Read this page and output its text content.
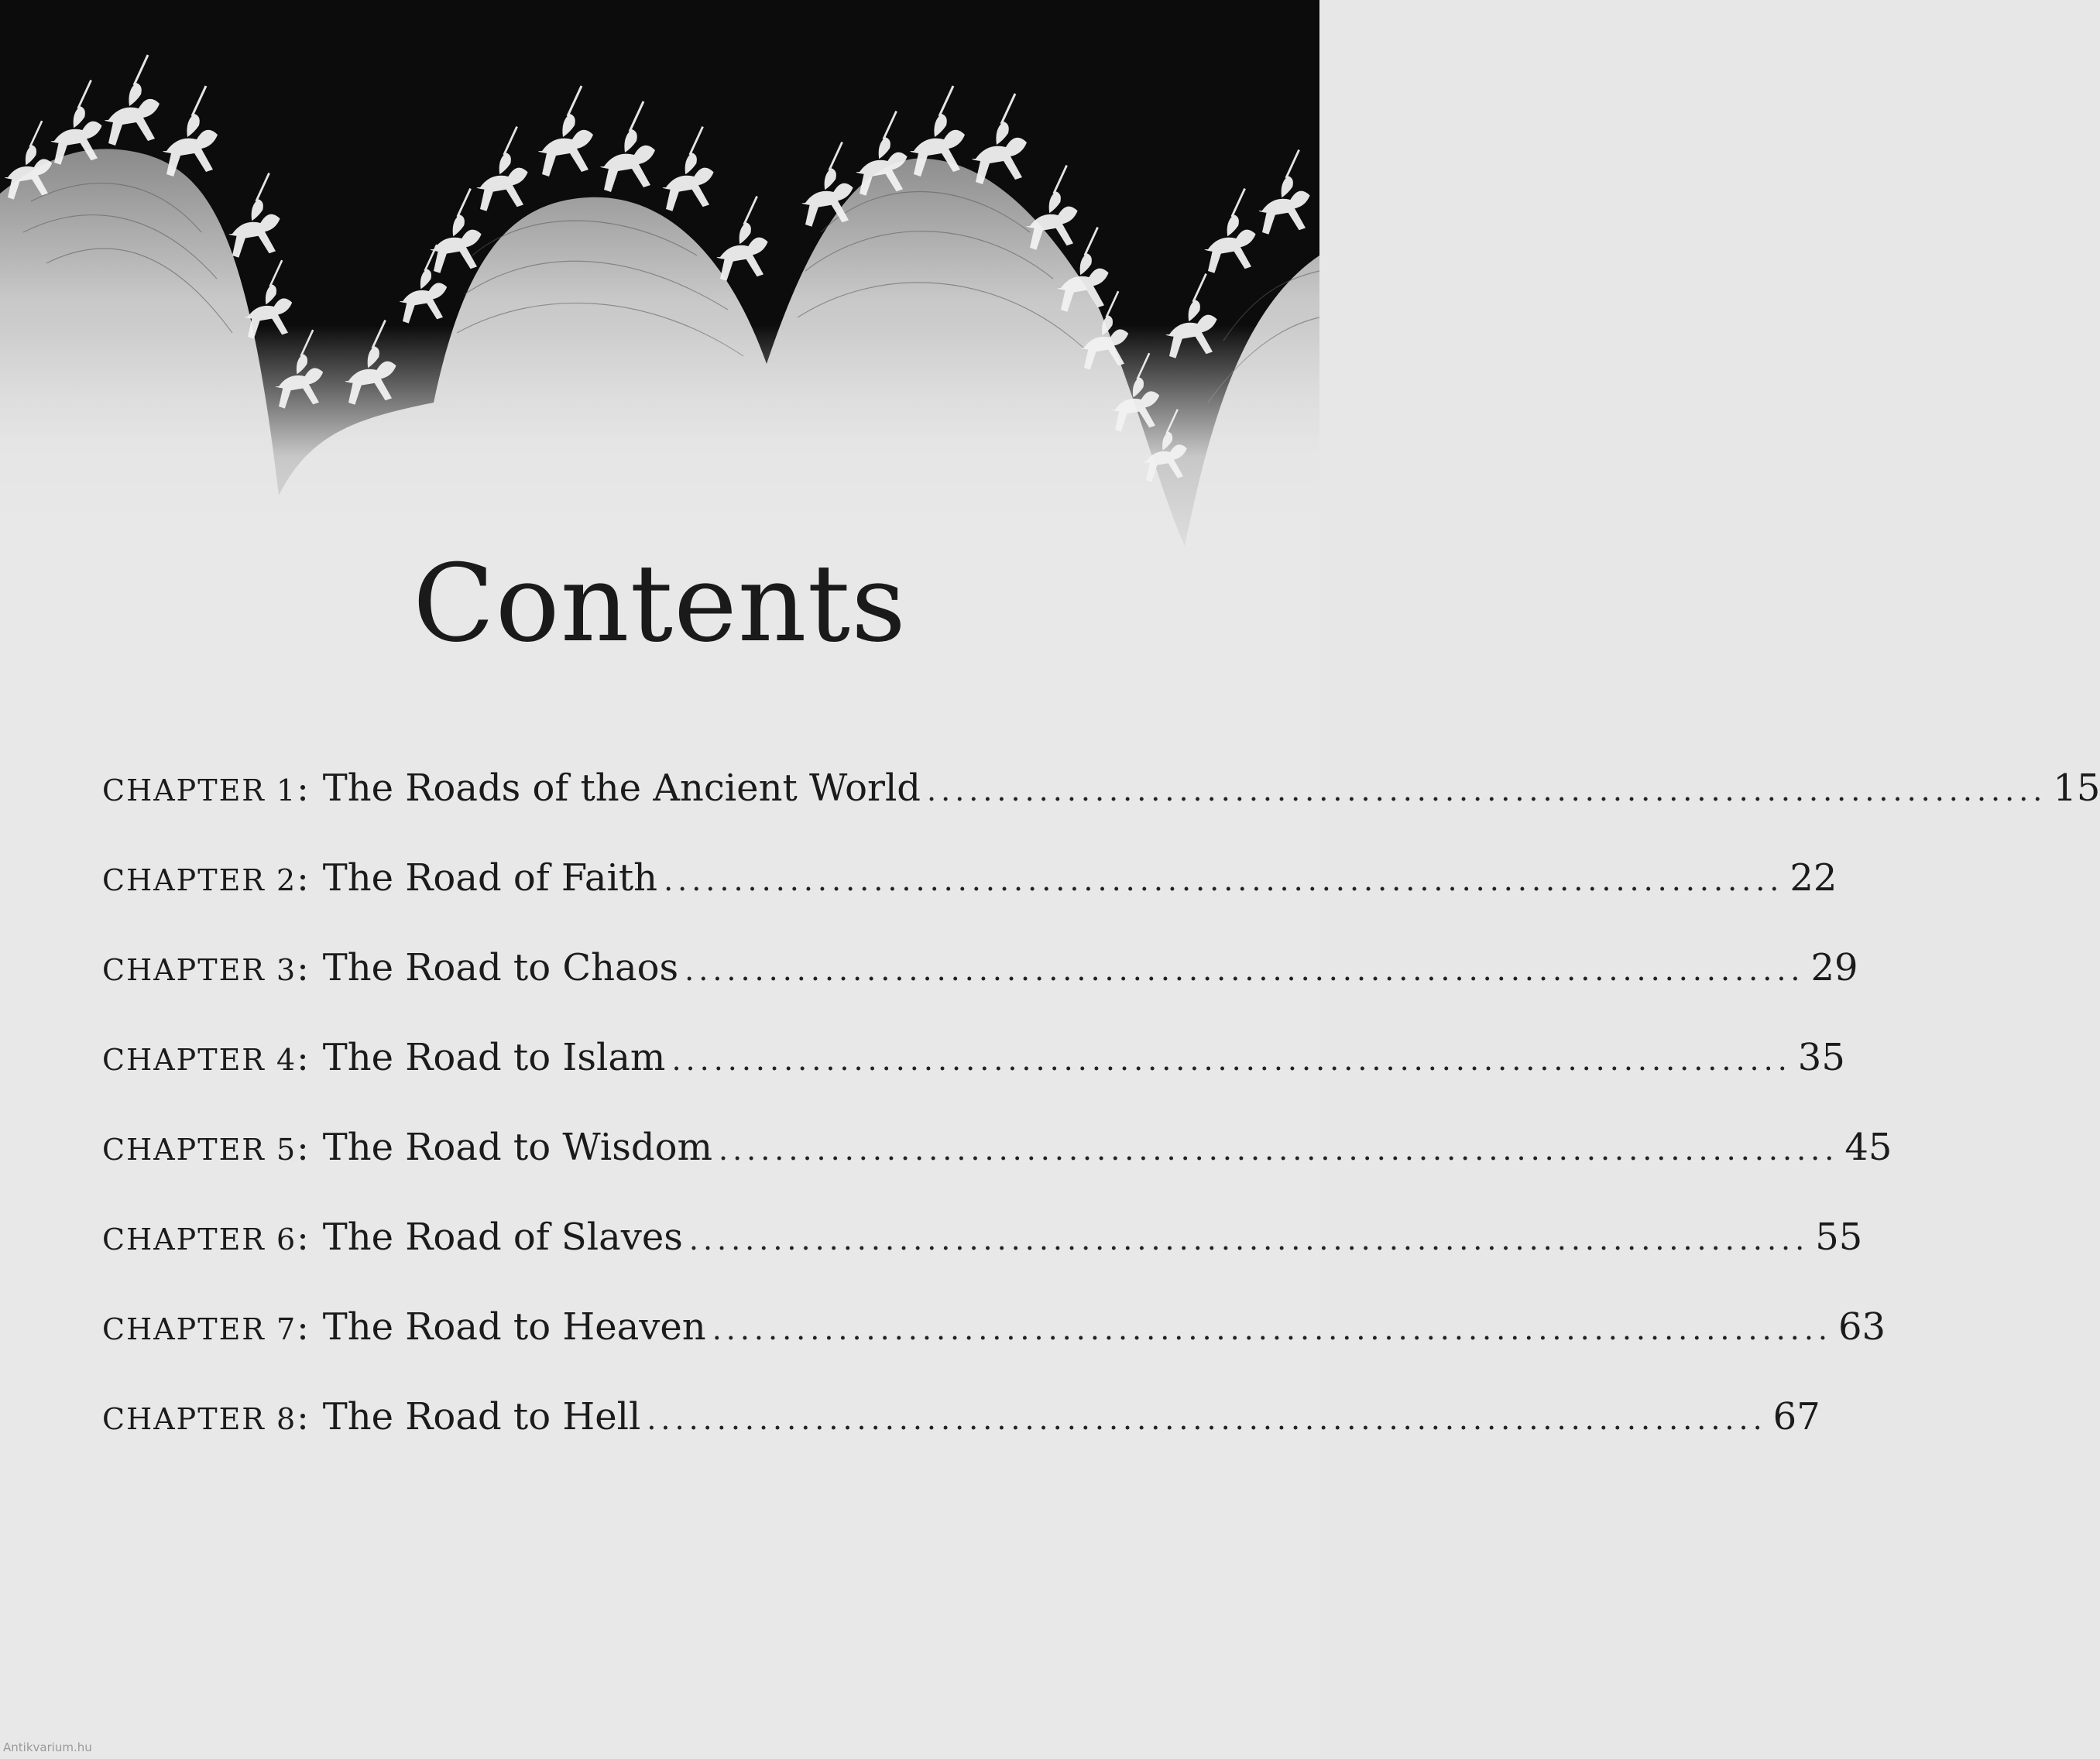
Contents
CHAPTER 1 : The Roads of the Ancient World ................................................................................ 15
CHAPTER 2 : The Road of Faith ................................................................................ 22
CHAPTER 3 : The Road to Chaos ................................................................................ 29
CHAPTER 4 : The Road to Islam ................................................................................ 35
CHAPTER 5 : The Road to Wisdom ................................................................................ 45
CHAPTER 6 : The Road of Slaves ................................................................................ 55
CHAPTER 7 : The Road to Heaven ................................................................................ 63
CHAPTER 8 : The Road to Hell ................................................................................ 67
Antikvarium.hu
